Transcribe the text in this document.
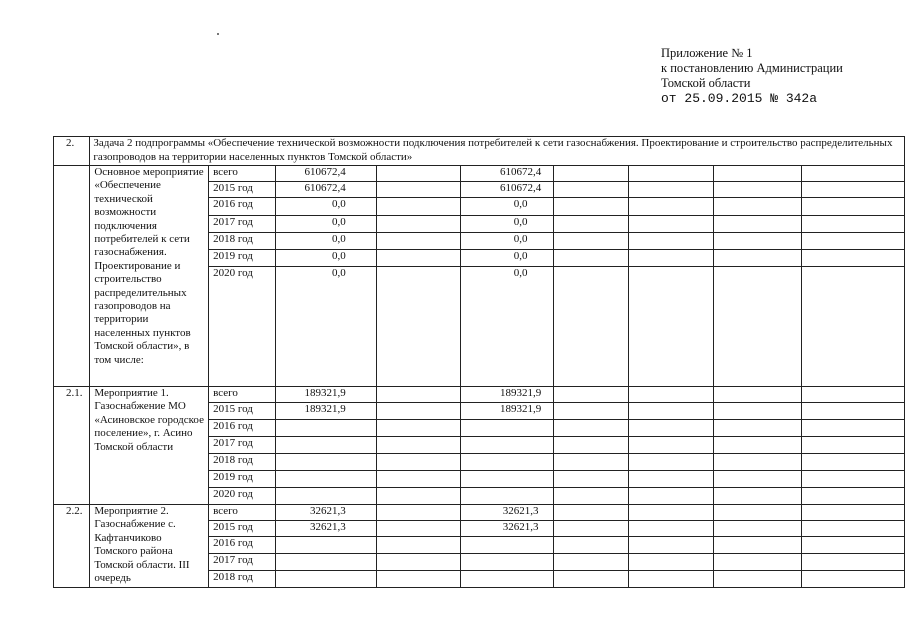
Приложение № 1
к постановлению Администрации
Томской области
от 25.09.2015 № 342а
2.	Задача 2 подпрограммы «Обеспечение технической возможности подключения потребителей к сети газоснабжения. Проектирование и строительство распределительных газопроводов на территории населенных пунктов Томской области»								
	Основное мероприятие «Обеспечение технической возможности подключения потребителей к сети газоснабжения. Проектирование и строительство распределительных газопроводов на территории населенных пунктов Томской области», в том числе:	всего	610672,4		610672,4				
		2015 год	610672,4		610672,4				
		2016 год	0,0		0,0				
		2017 год	0,0		0,0				
		2018 год	0,0		0,0				
		2019 год	0,0		0,0				
		2020 год	0,0		0,0				
2.1.	Мероприятие 1. Газоснабжение МО «Асиновское городское поселение», г. Асино Томской области	всего	189321,9		189321,9				
		2015 год	189321,9		189321,9				
		2016 год							
		2017 год							
		2018 год							
		2019 год							
		2020 год							
2.2.	Мероприятие 2. Газоснабжение с. Кафтанчиково Томского района Томской области. III очередь	всего	32621,3		32621,3				
		2015 год	32621,3		32621,3				
		2016 год							
		2017 год							
		2018 год							
